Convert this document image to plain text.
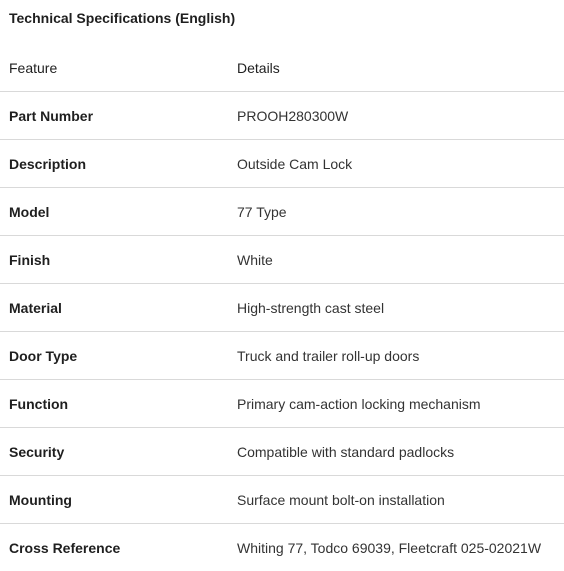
Technical Specifications (English)
Feature	Details
Part Number	PROOH280300W
Description	Outside Cam Lock
Model	77 Type
Finish	White
Material	High-strength cast steel
Door Type	Truck and trailer roll-up doors
Function	Primary cam-action locking mechanism
Security	Compatible with standard padlocks
Mounting	Surface mount bolt-on installation
Cross Reference	Whiting 77, Todco 69039, Fleetcraft 025-02021W
